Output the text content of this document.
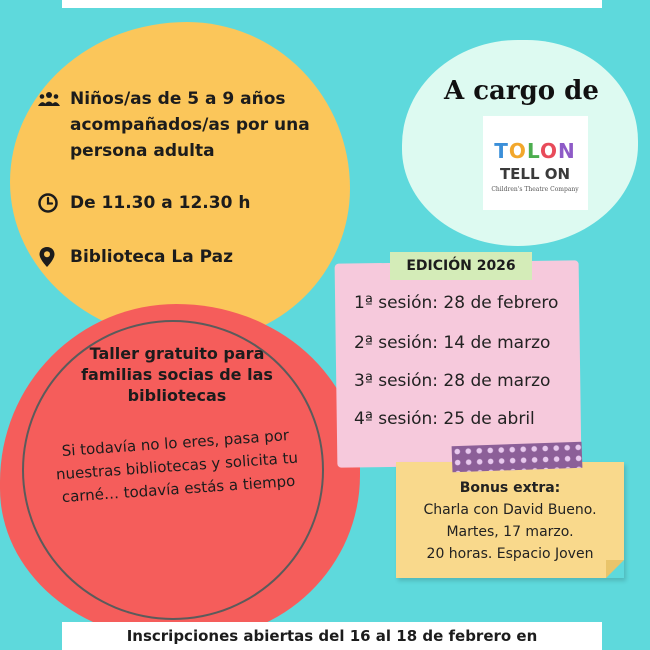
Niños/as de 5 a 9 años acompañados/as por una persona adulta
De 11.30 a 12.30 h
Biblioteca La Paz
A cargo de
TOLON
TELL ON
Children's Theatre Company
EDICIÓN 2026
1ª sesión: 28 de febrero
2ª sesión: 14 de marzo
3ª sesión: 28 de marzo
4ª sesión: 25 de abril
Bonus extra:
Charla con David Bueno.
Martes, 17 marzo.
20 horas. Espacio Joven
Taller gratuito para familias socias de las bibliotecas
Si todavía no lo eres, pasa por nuestras bibliotecas y solicita tu carné… todavía estás a tiempo
Inscripciones abiertas del 16 al 18 de febrero en
